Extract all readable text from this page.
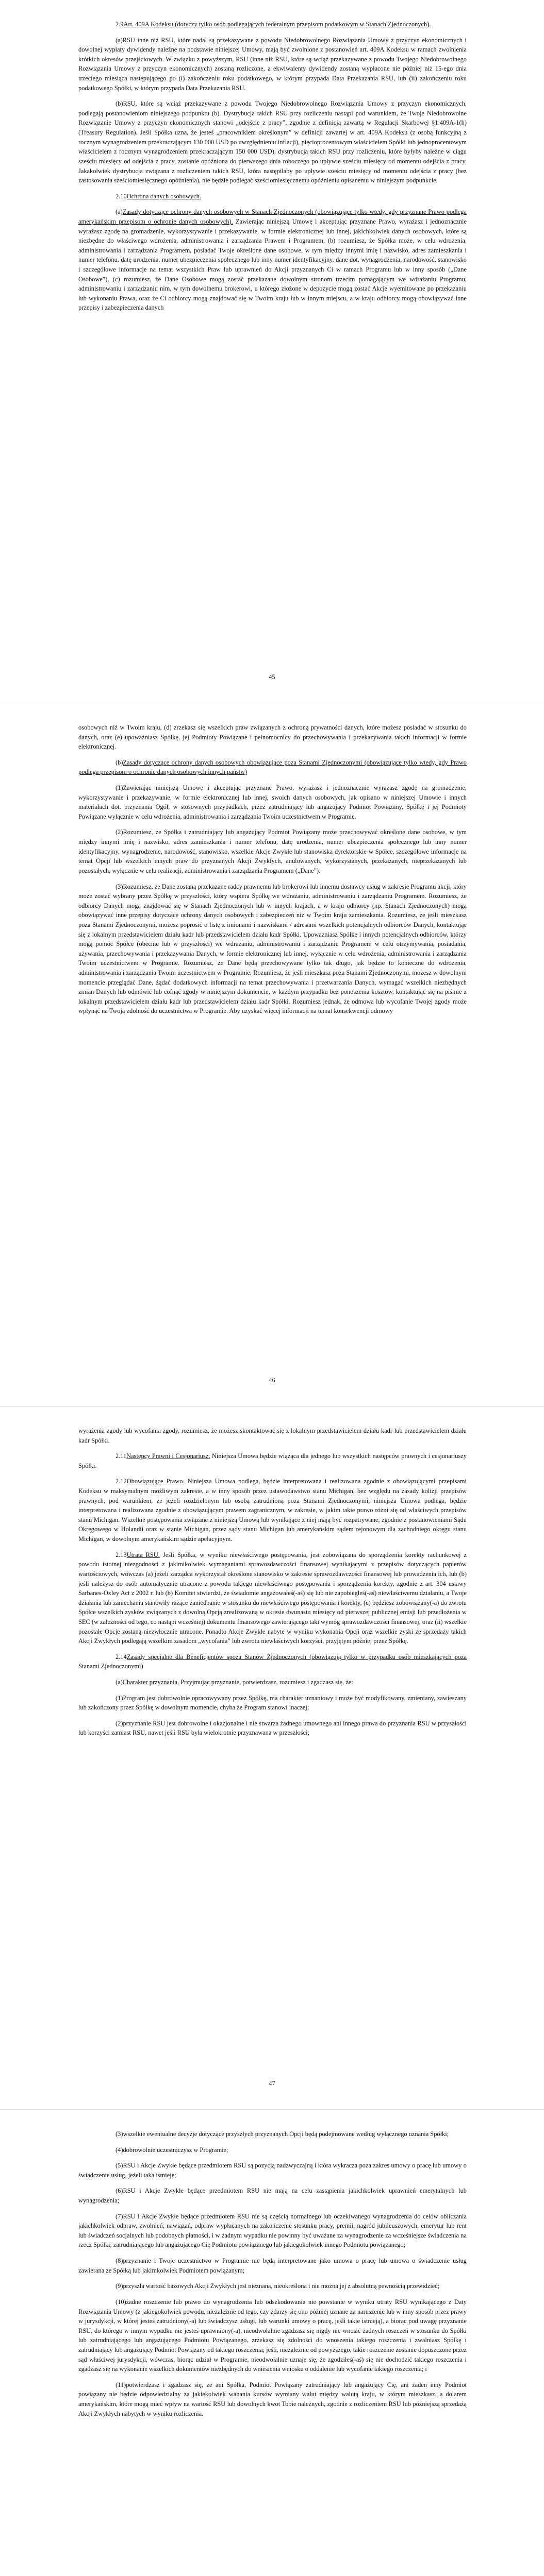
2.9Art. 409A Kodeksu (dotyczy tylko osób podlegających federalnym przepisom podatkowym w Stanach Zjednoczonych).

(a)RSU inne niż RSU, które nadal są przekazywane z powodu Niedobrowolnego Rozwiązania Umowy z przyczyn ekonomicznych i dowolnej wypłaty dywidendy należne na podstawie niniejszej Umowy, mają być zwolnione z postanowień art. 409A Kodeksu w ramach zwolnienia krótkich okresów przejściowych. W związku z powyższym, RSU (inne niż RSU, które są wciąż przekazywane z powodu Twojego Niedobrowolnego Rozwiązania Umowy z przyczyn ekonomicznych) zostaną rozliczone, a ekwiwalenty dywidendy zostaną wypłacone nie później niż 15-ego dnia trzeciego miesiąca następującego po (i) zakończeniu roku podatkowego, w którym przypada Data Przekazania RSU, lub (ii) zakończeniu roku podatkowego Spółki, w którym przypada Data Przekazania RSU.

(b)RSU, które są wciąż przekazywane z powodu Twojego Niedobrowolnego Rozwiązania Umowy z przyczyn ekonomicznych, podlegają postanowieniom niniejszego podpunktu (b). Dystrybucja takich RSU przy rozliczeniu nastąpi pod warunkiem, że Twoje Niedobrowolne Rozwiązanie Umowy z przyczyn ekonomicznych stanowi „odejście z pracy”, zgodnie z definicją zawartą w Regulacji Skarbowej §1.409A-1(h) (Treasury Regulation). Jeśli Spółka uzna, że jesteś „pracownikiem określonym” w definicji zawartej w art. 409A Kodeksu (z osobą funkcyjną z rocznym wynagrodzeniem przekraczającym 130 000 USD po uwzględnieniu inflacji), pięcioprocentowym właścicielem Spółki lub jednoprocentowym właścicielem z rocznym wynagrodzeniem przekraczającym 150 000 USD), dystrybucja takich RSU przy rozliczeniu, które byłyby należne w ciągu sześciu miesięcy od odejścia z pracy, zostanie opóźniona do pierwszego dnia roboczego po upływie sześciu miesięcy od momentu odejścia z pracy. Jakakolwiek dystrybucja związana z rozliczeniem takich RSU, która następiłaby po upływie sześciu miesięcy od momentu odejścia z pracy (bez zastosowania sześciomiesięcznego opóźnienia), nie będzie podlegać sześciomiesięcznemu opóźnieniu opisanemu w niniejszym podpunkcie.

2.10Ochrona danych osobowych.

(a)Zasady dotyczące ochrony danych osobowych w Stanach Zjednoczonych (obowiązujące tylko wtedy, gdy przyznane Prawo podlega amerykańskim przepisom o ochronie danych osobowych). Zawierając niniejszą Umowę i akceptując przyznane Prawo, wyrażasz i jednoznacznie wyrażasz zgodę na gromadzenie, wykorzystywanie i przekazywanie, w formie elektronicznej lub innej, jakichkolwiek danych osobowych, które są niezbędne do właściwego wdrożenia, administrowania i zarządzania Prawem i Programem, (b) rozumiesz, że Spółka może, w celu wdrożenia, administrowania i zarządzania Programem, posiadać Twoje określone dane osobowe, w tym między innymi imię i nazwisko, adres zamieszkania i numer telefonu, datę urodzenia, numer ubezpieczenia społecznego lub inny numer identyfikacyjny, dane dot. wynagrodzenia, narodowość, stanowisko i szczegółowe informacje na temat wszystkich Praw lub uprawnień do Akcji przyznanych Ci w ramach Programu lub w inny sposób („Dane Osobowe”), (c) rozumiesz, że Dane Osobowe mogą zostać przekazane dowolnym stronom trzecim pomagającym we wdrażaniu Programu, administrowaniu i zarządzaniu nim, w tym dowolnemu brokerowi, u którego złożone w depozycie mogą zostać Akcje wyemitowane po przekazaniu lub wykonaniu Prawa, oraz że Ci odbiorcy mogą znajdować się w Twoim kraju lub w innym miejscu, a w kraju odbiorcy mogą obowiązywać inne przepisy i zabezpieczenia danych

45

osobowych niż w Twoim kraju, (d) zrzekasz się wszelkich praw związanych z ochroną prywatności danych, które możesz posiadać w stosunku do danych, oraz (e) upoważniasz Spółkę, jej Podmioty Powiązane i pełnomocnicy do przechowywania i przekazywania takich informacji w formie elektronicznej.

(b)Zasady dotyczące ochrony danych osobowych obowiązujące poza Stanami Zjednoczonymi (obowiązujące tylko wtedy, gdy Prawo podlega przepisom o ochronie danych osobowych innych państw)

(1)Zawierając niniejszą Umowę i akceptując przyznane Prawo, wyrażasz i jednoznacznie wyrażasz zgodę na gromadzenie, wykorzystywanie i przekazywanie, w formie elektronicznej lub innej, swoich danych osobowych, jak opisano w niniejszej Umowie i innych materiałach dot. przyznania Ogół, w stosownych przypadkach, przez zatrudniający lub angażujący Podmiot Powiązany, Spółkę i jej Podmioty Powiązane wyłącznie w celu wdrożenia, administrowania i zarządzania Twoim uczestnictwem w Programie.

(2)Rozumiesz, że Spółka i zatrudniający lub angażujący Podmiot Powiązany może przechowywać określone dane osobowe, w tym między innymi imię i nazwisko, adres zamieszkania i numer telefonu, datę urodzenia, numer ubezpieczenia społecznego lub inny numer identyfikacyjny, wynagrodzenie, narodowość, stanowisko, wszelkie Akcje Zwykłe lub stanowiska dyrektorskie w Spółce, szczegółowe informacje na temat Opcji lub wszelkich innych praw do przyznanych Akcji Zwykłych, anulowanych, wykorzystanych, przekazanych, nieprzekazanych lub pozostałych, wyłącznie w celu realizacji, administrowania i zarządzania Programem („Dane”).

(3)Rozumiesz, że Dane zostaną przekazane radcy prawnemu lub brokerowi lub innemu dostawcy usług w zakresie Programu akcji, który może zostać wybrany przez Spółkę w przyszłości, który wspiera Spółkę we wdrażaniu, administrowaniu i zarządzaniu Programem. Rozumiesz, że odbiorcy Danych mogą znajdować się w Stanach Zjednoczonych lub w innych krajach, a w kraju odbiorcy (np. Stanach Zjednoczonych) mogą obowiązywać inne przepisy dotyczące ochrony danych osobowych i zabezpieczeń niż w Twoim kraju zamieszkania. Rozumiesz, że jeśli mieszkasz poza Stanami Zjednoczonymi, możesz poprosić o listę z imionami i nazwiskami / adresami wszelkich potencjalnych odbiorców Danych, kontaktując się z lokalnym przedstawicielem działu kadr lub przedstawicielem działu kadr Spółki. Upoważniasz Spółkę i innych potencjalnych odbiorców, którzy mogą pomóc Spółce (obecnie lub w przyszłości) we wdrażaniu, administrowaniu i zarządzaniu Programem w celu otrzymywania, posiadania, używania, przechowywania i przekazywania Danych, w formie elektronicznej lub innej, wyłącznie w celu wdrożenia, administrowania i zarządzania Twoim uczestnictwem w Programie. Rozumiesz, że Dane będą przechowywane tylko tak długo, jak będzie to konieczne do wdrożenia, administrowania i zarządzania Twoim uczestnictwem w Programie. Rozumiesz, że jeśli mieszkasz poza Stanami Zjednoczonymi, możesz w dowolnym momencie przeglądać Dane, żądać dodatkowych informacji na temat przechowywania i przetwarzania Danych, wymagać wszelkich niezbędnych zmian Danych lub odmówić lub cofnąć zgody w niniejszym dokumencie, w każdym przypadku bez ponoszenia kosztów, kontaktując się na piśmie z lokalnym przedstawicielem działu kadr lub przedstawicielem działu kadr Spółki. Rozumiesz jednak, że odmowa lub wycofanie Twojej zgody może wpłynąć na Twoją zdolność do uczestnictwa w Programie. Aby uzyskać więcej informacji na temat konsekwencji odmowy

46

wyrażenia zgody lub wycofania zgody, rozumiesz, że możesz skontaktować się z lokalnym przedstawicielem działu kadr lub przedstawicielem działu kadr Spółki.

2.11Następcy Prawni i Cesjonariusz. Niniejsza Umowa będzie wiążąca dla jednego lub wszystkich następców prawnych i cesjonariuszy Spółki.

2.12Obowiązujące Prawo. Niniejsza Umowa podlega, będzie interpretowana i realizowana zgodnie z obowiązującymi przepisami Kodeksu w maksymalnym możliwym zakresie, a w inny sposób przez ustawodawstwo stanu Michigan, bez względu na zasady kolizji przepisów prawnych, pod warunkiem, że jeżeli rozdzielonym lub osobą zatrudnioną poza Stanami Zjednoczonymi, niniejsza Umowa podlega, będzie interpretowana i realizowana zgodnie z obowiązującym prawem zagranicznym, w zakresie, w jakim takie prawo różni się od właściwych przepisów stanu Michigan. Wszelkie postępowania związane z niniejszą Umową lub wynikające z niej mają być rozpatrywane, zgodnie z postanowieniami Sądu Okręgowego w Holandii oraz w stanie Michigan, przez sądy stanu Michigan lub amerykańskim sądem rejonowym dla zachodniego okręgu stanu Michigan, w dowolnym amerykańskim sądzie apelacyjnym.

2.13Utrata RSU. Jeśli Spółka, w wyniku niewłaściwego postępowania, jest zobowiązana do sporządzenia korekty rachunkowej z powodu istotnej niezgodności z jakimikolwiek wymaganiami sprawozdawczości finansowej wynikającymi z przepisów dotyczących papierów wartościowych, wówczas (a) jeżeli zarządca wykorzystał określone stanowisko w zakresie sprawozdawczości finansowej lub prowadzenia ich, lub (b) jeśli należysz do osób automatycznie utracone z powodu takiego niewłaściwego postępowania i sporządzenia korekty, zgodnie z art. 304 ustawy Sarbanes-Oxley Act z 2002 r. lub (b) Komitet stwierdzi, że świadomie angażowałeś(-aś) się lub nie zapobiegłeś(-aś) niewłaściwemu działaniu, a Twoje działania lub zaniechania stanowiły rażące zaniedbanie w stosunku do niewłaściwego postępowania i korekty, (c) będziesz zobowiązany(-a) do zwrotu Spółce wszelkich zysków związanych z dowolną Opcją zrealizowaną w okresie dwunastu miesięcy od pierwszej publicznej emisji lub przedłożenia w SEC (w zależności od tego, co nastąpi wcześniej) dokumentu finansowego zawierającego taki wymóg sprawozdawczości finansowej, oraz (ii) wszelkie pozostałe Opcje zostaną niezwłocznie utracone. Ponadto Akcje Zwykłe nabyte w wyniku wykonania Opcji oraz wszelkie zyski ze sprzedaży takich Akcji Zwykłych podlegają wszelkim zasadom „wycofania” lub zwrotu niewłaściwych korzyści, przyjętym później przez Spółkę.

2.14Zasady specjalne dla Beneficjentów spoza Stanów Zjednoczonych (obowiązują tylko w przypadku osób mieszkających poza Stanami Zjednoczonymi)

(a)Charakter przyznania. Przyjmując przyznanie, potwierdzasz, rozumiesz i zgadzasz się, że:

(1)Program jest dobrowolnie opracowywany przez Spółkę, ma charakter uznaniowy i może być modyfikowany, zmieniany, zawieszany lub zakończony przez Spółkę w dowolnym momencie, chyba że Program stanowi inaczej;

(2)przyznanie RSU jest dobrowolne i okazjonalne i nie stwarza żadnego umownego ani innego prawa do przyznania RSU w przyszłości lub korzyści zamiast RSU, nawet jeśli RSU była wielokrotnie przyznawana w przeszłości;

47

(3)wszelkie ewentualne decyzje dotyczące przyszłych przyznanych Opcji będą podejmowane według wyłącznego uznania Spółki;

(4)dobrowolnie uczestniczysz w Programie;

(5)RSU i Akcje Zwykłe będące przedmiotem RSU są pozycją nadzwyczajną i która wykracza poza zakres umowy o pracę lub umowy o świadczenie usług, jeżeli taka istnieje;

(6)RSU i Akcje Zwykłe będące przedmiotem RSU nie mają na celu zastąpienia jakichkolwiek uprawnień emerytalnych lub wynagrodzenia;

(7)RSU i Akcje Zwykłe będące przedmiotem RSU nie są częścią normalnego lub oczekiwanego wynagrodzenia do celów obliczania jakichkolwiek odpraw, zwolnień, nawiązań, odpraw wypłacanych na zakończenie stosunku pracy, premii, nagród jubileuszowych, emerytur lub rent lub świadczeń socjalnych lub podobnych płatności, i w żadnym wypadku nie powinny być uważane za wynagrodzenie za wcześniejsze świadczenia na rzecz Spółki, zatrudniającego lub angażującego Cię Podmiotu powiązanego lub jakiegokolwiek innego Podmiotu powiązanego;

(8)przyznanie i Twoje uczestnictwo w Programie nie będą interpretowane jako umowa o pracę lub umowa o świadczenie usług zawierana ze Spółką lub jakimkolwiek Podmiotem powiązanym;

(9)przyszła wartość bazowych Akcji Zwykłych jest nieznana, nieokreślona i nie można jej z absolutną pewnością przewidzieć;

(10)żadne roszczenie lub prawo do wynagrodzenia lub odszkodowania nie powstanie w wyniku utraty RSU wynikającego z Daty Rozwiązania Umowy (z jakiegokolwiek powodu, niezależnie od tego, czy zdarzy się ono później uznane za naruszenie lub w inny sposób przez prawy w jurysdykcji, w której jesteś zatrudniony(-a) lub świadczysz usługi, lub warunki umowy o pracę, jeśli takie istnieją), a biorąc pod uwagę przyznanie RSU, do którego w innym wypadku nie jesteś uprawniony(-a), nieodwołalnie zgadzasz się nigdy nie wnosić żadnych roszczeń w stosunku do Spółki lub zatrudniającego lub angażującego Podmiotu Powiązanego, zrzekasz się zdolności do wnoszenia takiego roszczenia i zwalniasz Spółkę i zatrudniający lub angażujący Podmiot Powiązany od takiego roszczenia; jeśli, niezależnie od powyższego, takie roszczenie zostanie dopuszczone przez sąd właściwej jurysdykcji, wówczas, biorąc udział w Programie, nieodwołalnie uznaje się, że zgodziłeś(-aś) się nie dochodzić takiego roszczenia i zgadzasz się na wykonanie wszelkich dokumentów niezbędnych do wniesienia wniosku o oddalenie lub wycofanie takiego roszczenia; i

(11)potwierdzasz i zgadzasz się, że ani Spółka, Podmiot Powiązany zatrudniający lub angażujący Cię, ani żaden inny Podmiot powiązany nie będzie odpowiedzialny za jakiekolwiek wahania kursów wymiany walut między walutą kraju, w którym mieszkasz, a dolarem amerykańskim, które mogą mieć wpływ na wartość RSU lub dowolnych kwot Tobie należnych, zgodnie z rozliczeniem RSU lub późniejszą sprzedażą Akcji Zwykłych nabytych w wyniku rozliczenia.
